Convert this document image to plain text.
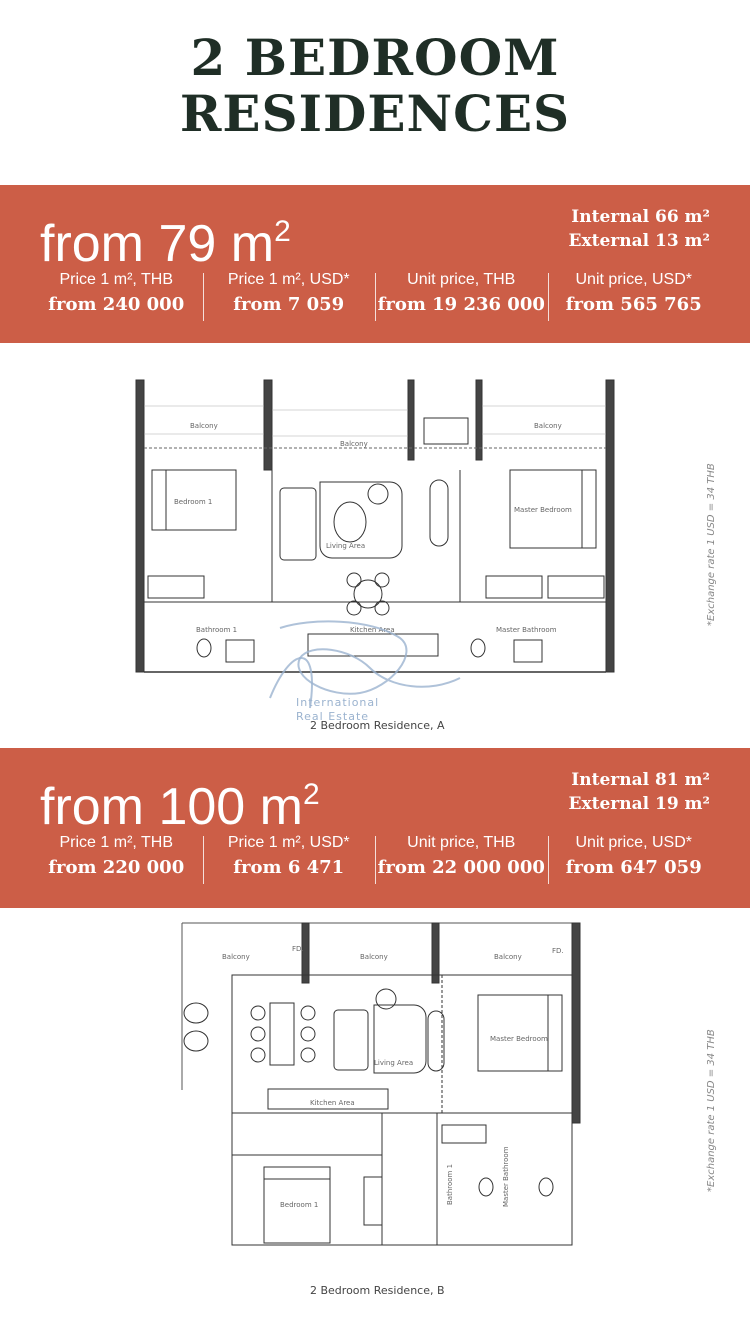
2 BEDROOM
RESIDENCES
from 79 $m^2$	Internal 66 m²
External 13 m²
Price 1 m², THB
from 240 000
Price 1 m², USD*
from 7 059
Unit price, THB
from 19 236 000
Unit price, USD*
from 565 765
Balcony
Balcony
Balcony
Bedroom 1
Living Area
Master Bedroom
Bathroom 1	Kitchen Area	Master Bathroom
International
Real Estate
2 Bedroom Residence, A
*Exchange rate 1 USD = 34 THB
from 100 $m^2$	Internal 81 m²
External 19 m²
Price 1 m², THB
from 220 000
Price 1 m², USD*
from 6 471
Unit price, THB
from 22 000 000
Unit price, USD*
from 647 059
Balcony	Balcony	Balcony
FD.	FD.
Living Area
Master Bedroom
Kitchen Area
Bedroom 1	Bathroom 1	Master Bathroom
2 Bedroom Residence, B
*Exchange rate 1 USD = 34 THB
